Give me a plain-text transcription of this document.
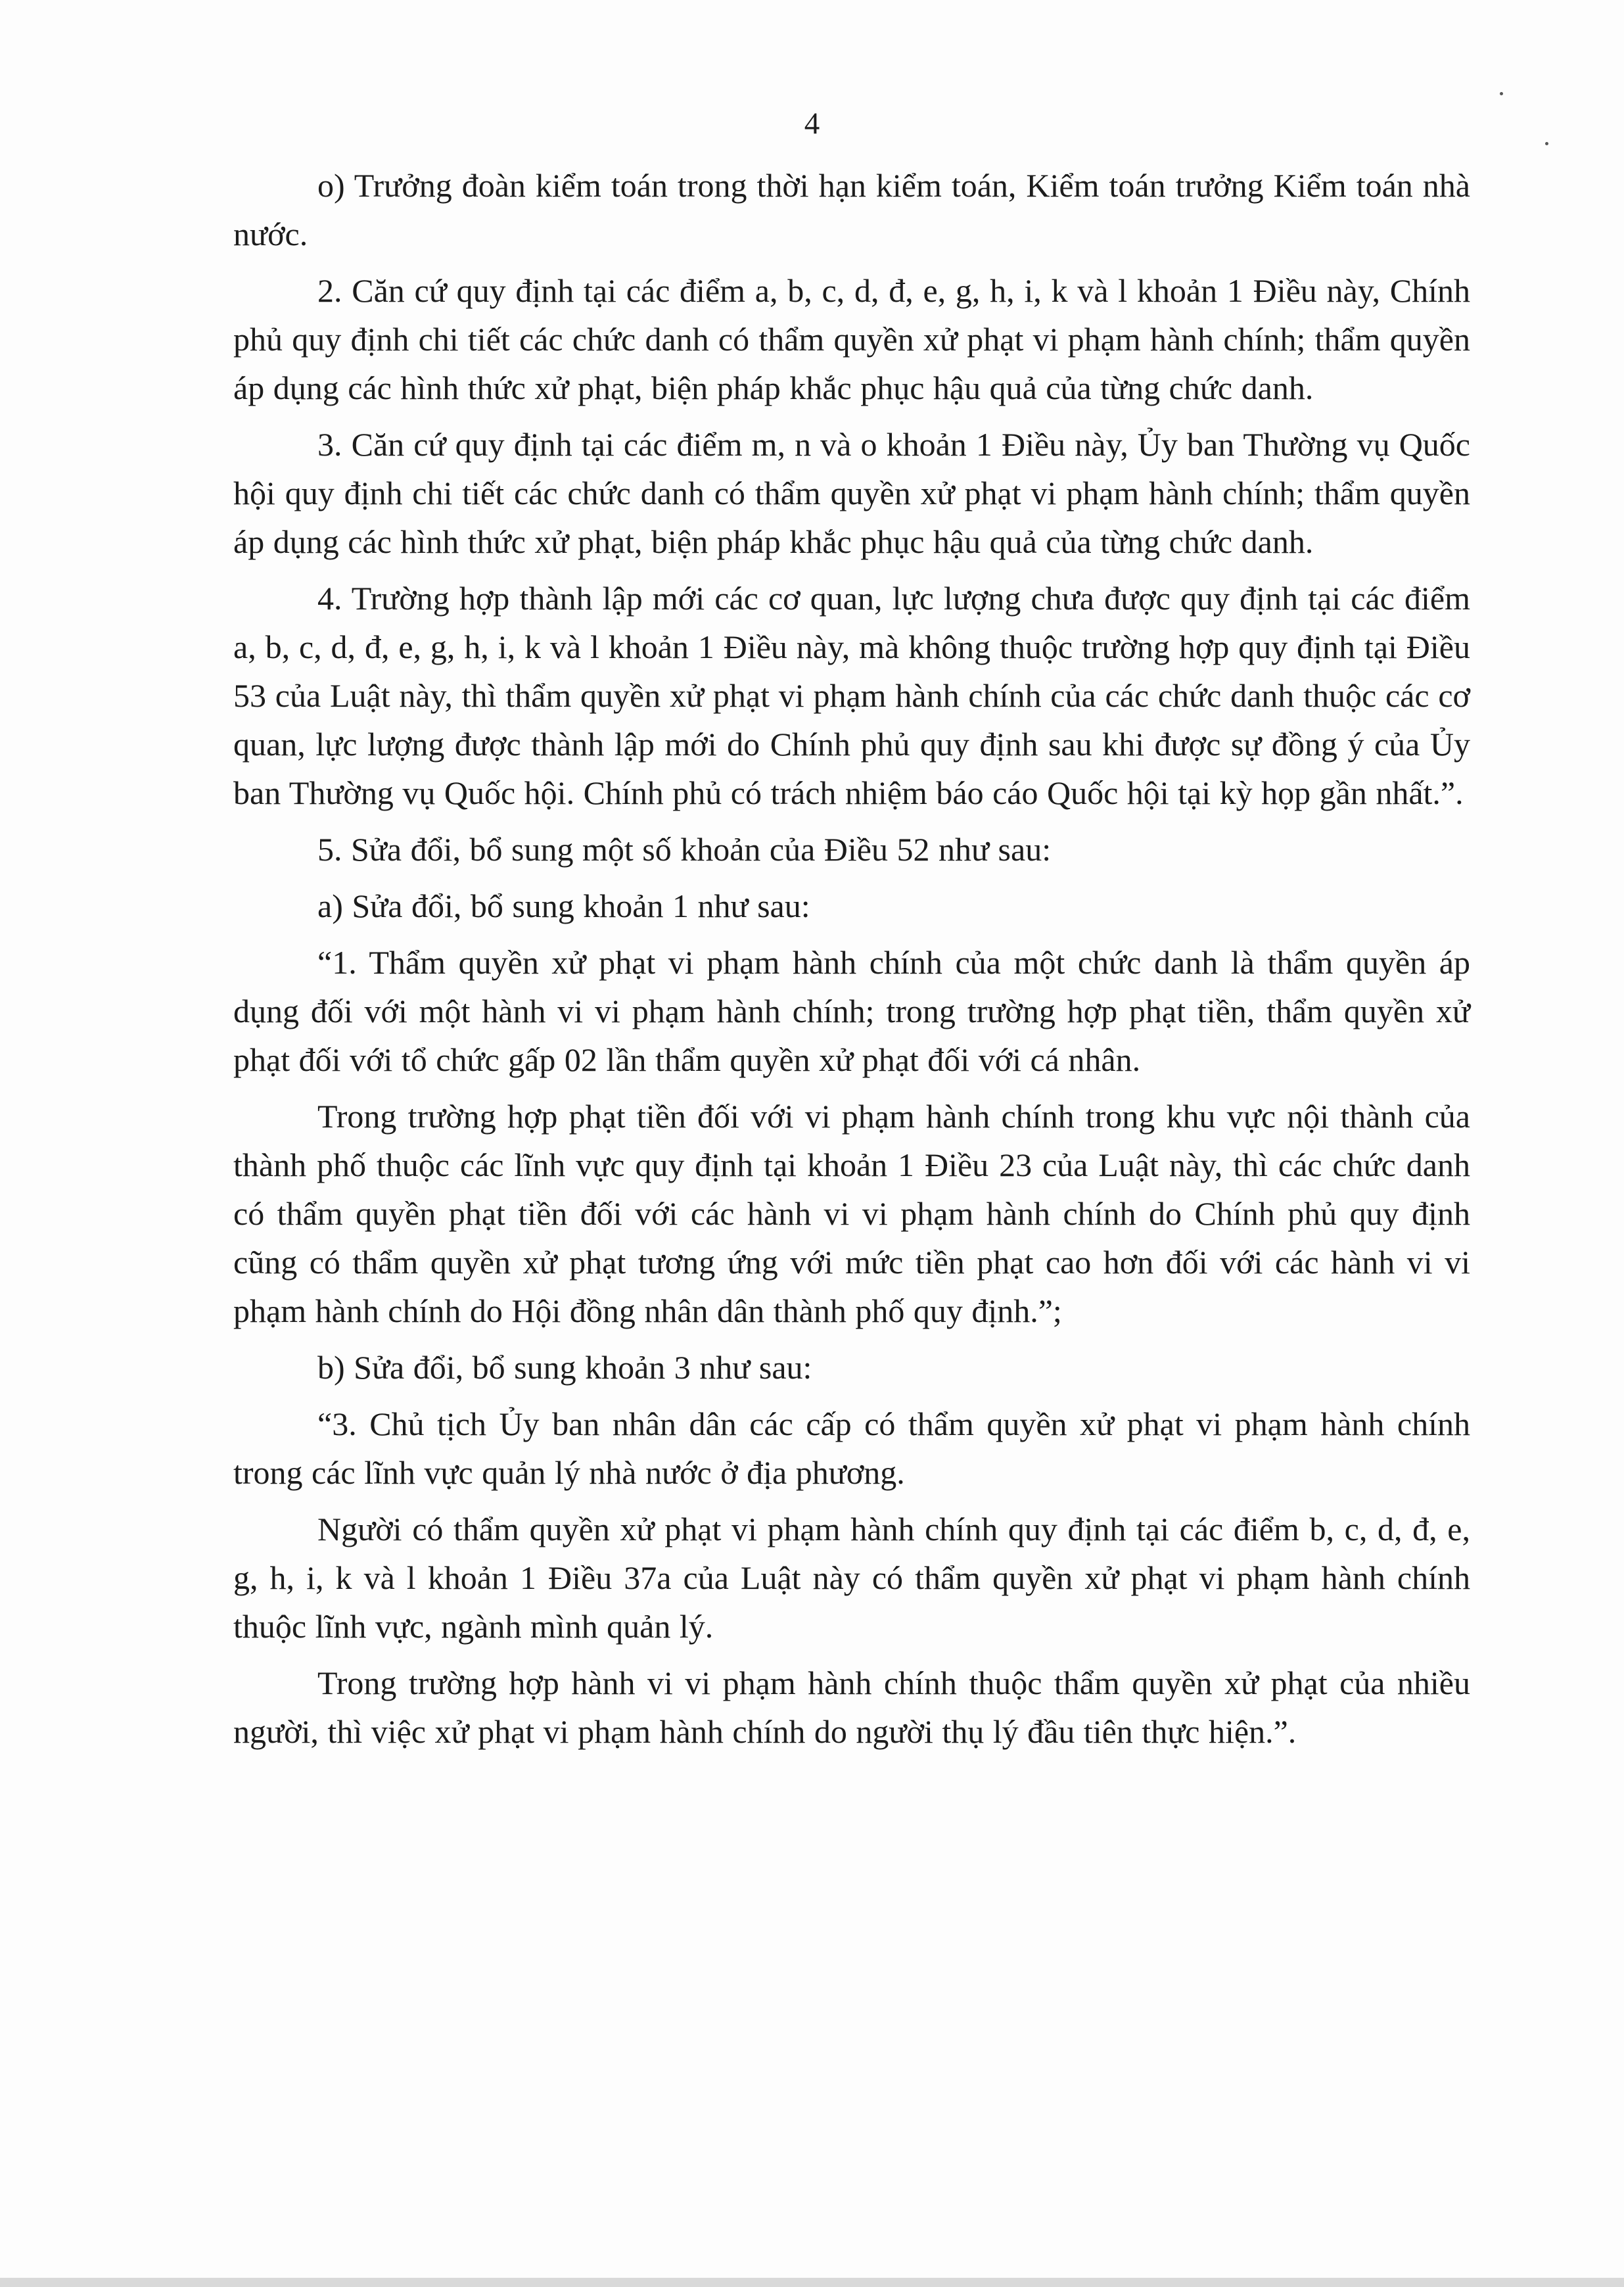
4

o) Trưởng đoàn kiểm toán trong thời hạn kiểm toán, Kiểm toán trưởng Kiểm toán nhà nước.

2. Căn cứ quy định tại các điểm a, b, c, d, đ, e, g, h, i, k và l khoản 1 Điều này, Chính phủ quy định chi tiết các chức danh có thẩm quyền xử phạt vi phạm hành chính; thẩm quyền áp dụng các hình thức xử phạt, biện pháp khắc phục hậu quả của từng chức danh.

3. Căn cứ quy định tại các điểm m, n và o khoản 1 Điều này, Ủy ban Thường vụ Quốc hội quy định chi tiết các chức danh có thẩm quyền xử phạt vi phạm hành chính; thẩm quyền áp dụng các hình thức xử phạt, biện pháp khắc phục hậu quả của từng chức danh.

4. Trường hợp thành lập mới các cơ quan, lực lượng chưa được quy định tại các điểm a, b, c, d, đ, e, g, h, i, k và l khoản 1 Điều này, mà không thuộc trường hợp quy định tại Điều 53 của Luật này, thì thẩm quyền xử phạt vi phạm hành chính của các chức danh thuộc các cơ quan, lực lượng được thành lập mới do Chính phủ quy định sau khi được sự đồng ý của Ủy ban Thường vụ Quốc hội. Chính phủ có trách nhiệm báo cáo Quốc hội tại kỳ họp gần nhất.”.

5. Sửa đổi, bổ sung một số khoản của Điều 52 như sau:

a) Sửa đổi, bổ sung khoản 1 như sau:

“1. Thẩm quyền xử phạt vi phạm hành chính của một chức danh là thẩm quyền áp dụng đối với một hành vi vi phạm hành chính; trong trường hợp phạt tiền, thẩm quyền xử phạt đối với tổ chức gấp 02 lần thẩm quyền xử phạt đối với cá nhân.

Trong trường hợp phạt tiền đối với vi phạm hành chính trong khu vực nội thành của thành phố thuộc các lĩnh vực quy định tại khoản 1 Điều 23 của Luật này, thì các chức danh có thẩm quyền phạt tiền đối với các hành vi vi phạm hành chính do Chính phủ quy định cũng có thẩm quyền xử phạt tương ứng với mức tiền phạt cao hơn đối với các hành vi vi phạm hành chính do Hội đồng nhân dân thành phố quy định.”;

b) Sửa đổi, bổ sung khoản 3 như sau:

“3. Chủ tịch Ủy ban nhân dân các cấp có thẩm quyền xử phạt vi phạm hành chính trong các lĩnh vực quản lý nhà nước ở địa phương.

Người có thẩm quyền xử phạt vi phạm hành chính quy định tại các điểm b, c, d, đ, e, g, h, i, k và l khoản 1 Điều 37a của Luật này có thẩm quyền xử phạt vi phạm hành chính thuộc lĩnh vực, ngành mình quản lý.

Trong trường hợp hành vi vi phạm hành chính thuộc thẩm quyền xử phạt của nhiều người, thì việc xử phạt vi phạm hành chính do người thụ lý đầu tiên thực hiện.”.
